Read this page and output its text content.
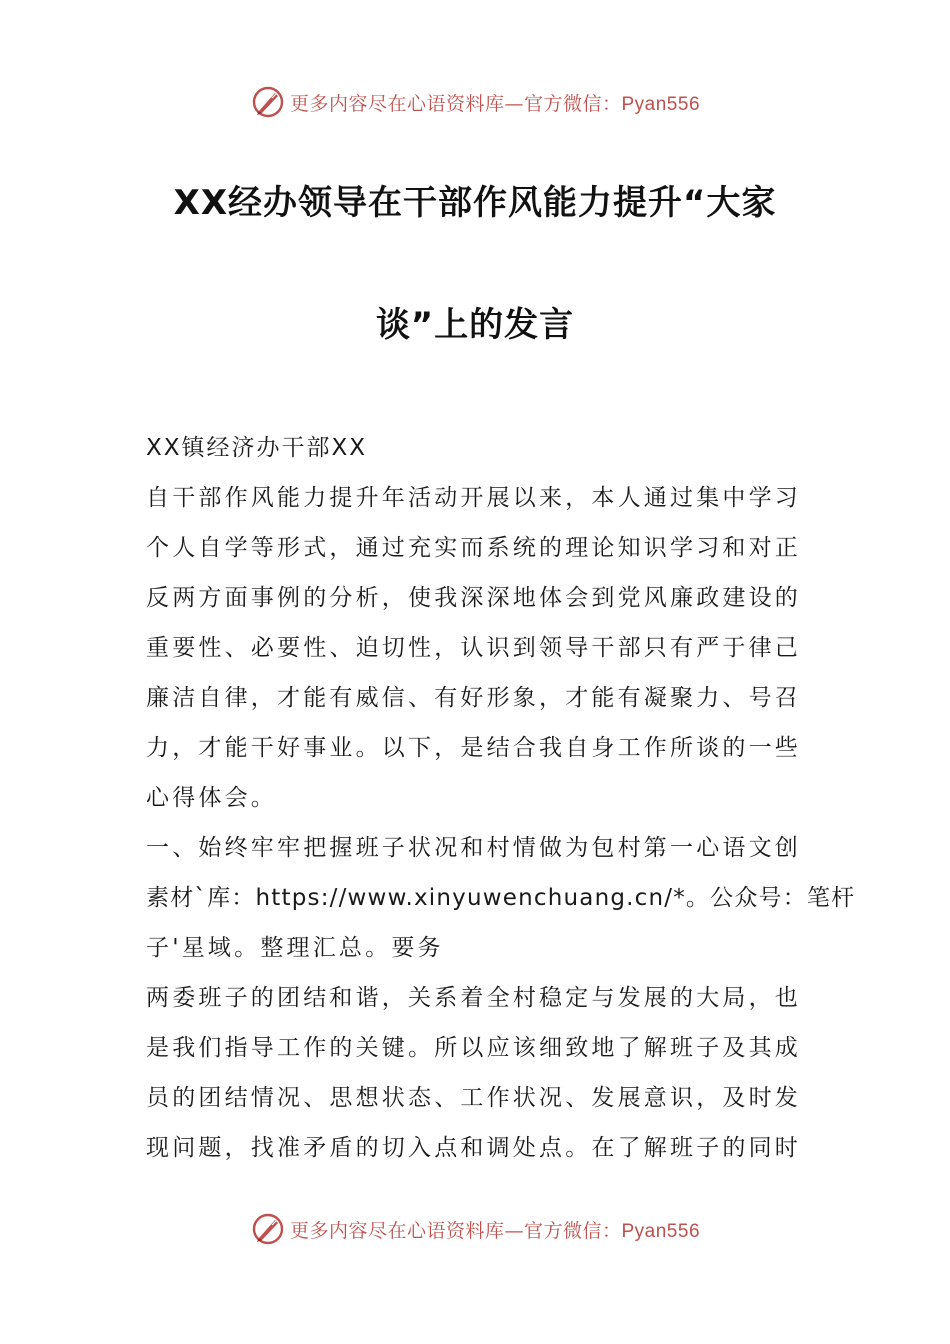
更多内容尽在心语资料库—官方微信：Pyan556
XX经办领导在干部作风能力提升“大家
谈”上的发言
XX镇经济办干部XX
自干部作风能力提升年活动开展以来，本人通过集中学习
个人自学等形式，通过充实而系统的理论知识学习和对正
反两方面事例的分析，使我深深地体会到党风廉政建设的
重要性、必要性、迫切性，认识到领导干部只有严于律己
廉洁自律，才能有威信、有好形象，才能有凝聚力、号召
力，才能干好事业。以下，是结合我自身工作所谈的一些
心得体会。
一、始终牢牢把握班子状况和村情做为包村第一心语文创
素材`库：https://www.xinyuwenchuang.cn/*。公众号：笔杆
子'星域。整理汇总。要务
两委班子的团结和谐，关系着全村稳定与发展的大局，也
是我们指导工作的关键。所以应该细致地了解班子及其成
员的团结情况、思想状态、工作状况、发展意识，及时发
现问题，找准矛盾的切入点和调处点。在了解班子的同时
更多内容尽在心语资料库—官方微信：Pyan556
